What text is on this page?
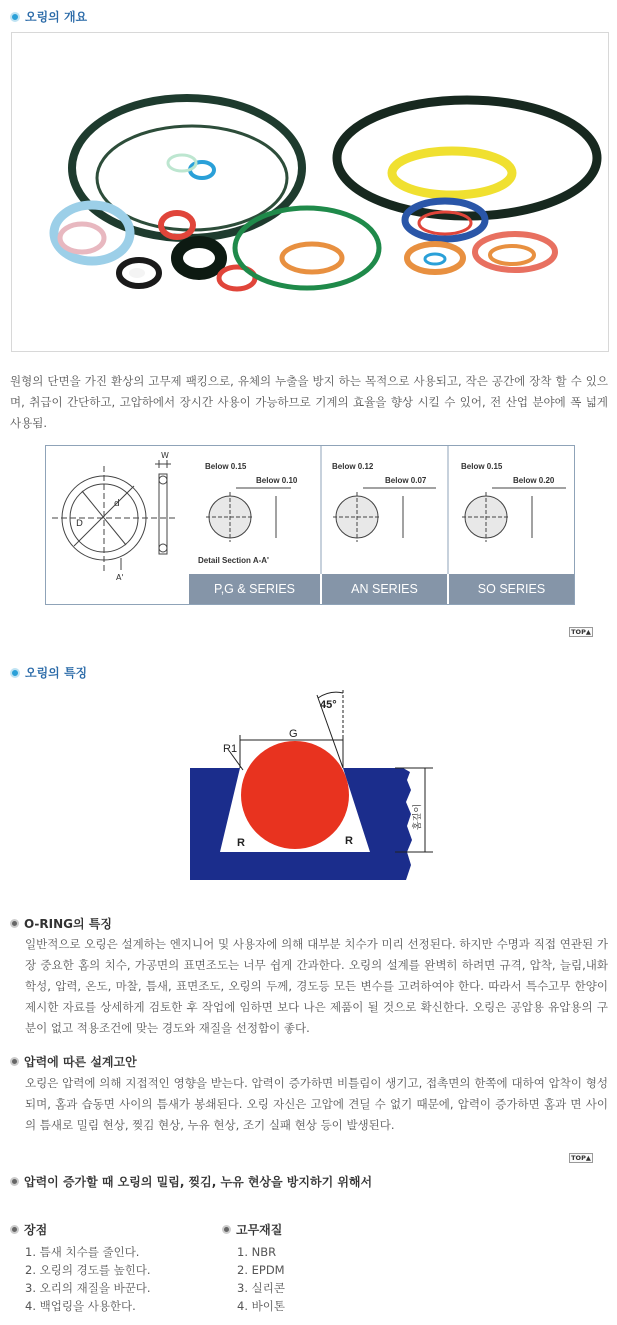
오링의 개요

원형의 단면을 가진 환상의 고무제 팩킹으로, 유체의 누출을 방지 하는 목적으로 사용되고, 작은 공간에 장착 할 수 있으며, 취급이 간단하고, 고압하에서 장시간 사용이 가능하므로 기계의 효율을 향상 시킬 수 있어, 전 산업 분야에 폭 넓게 사용됨.

W
D
d
A'
Detail Section A-A'
Below 0.15
Below 0.10
Below 0.12
Below 0.07
Below 0.15
Below 0.20
P,G & SERIES	AN SERIES	SO SERIES
TOP ▲
오링의 특징
45°
G
R1
R	R
홈깊이
O-RING의 특징

일반적으로 오링은 설계하는 엔지니어 및 사용자에 의해 대부분 치수가 미리 선정된다. 하지만 수명과 직접 연관된 가장 중요한 홈의 치수, 가공면의 표면조도는 너무 쉽게 간과한다. 오링의 설계를 완벽히 하려면 규격, 압착, 늘림,내화학성, 압력, 온도, 마찰, 틈새, 표면조도, 오링의 두께, 경도등 모든 변수를 고려하여야 한다. 따라서 특수고무 한양이 제시한 자료를 상세하게 검토한 후 작업에 임하면 보다 나은 제품이 될 것으로 확신한다. 오링은 공압용 유압용의 구분이 없고 적용조건에 맞는 경도와 재질을 선정함이 좋다.

압력에 따른 설계고안

오링은 압력에 의해 지접적인 영향을 받는다. 압력이 증가하면 비틀림이 생기고, 접촉면의 한쪽에 대하여 압착이 형성되며, 홈과 습동면 사이의 틈새가 봉쇄된다. 오링 자신은 고압에 견딜 수 없기 때문에, 압력이 증가하면 홈과 면 사이의 틈새로 밀림 현상, 찢김 현상, 누유 현상, 조기 실패 현상 등이 발생된다.

TOP ▲
압력이 증가할 때 오링의 밀림, 찢김, 누유 현상을 방지하기 위해서
장점
1. 틈새 치수를 줄인다.
2. 오링의 경도를 높힌다.
3. 오리의 재질을 바꾼다.
4. 백업링을 사용한다.
고무재질
1. NBR
2. EPDM
3. 실리콘
4. 바이톤
